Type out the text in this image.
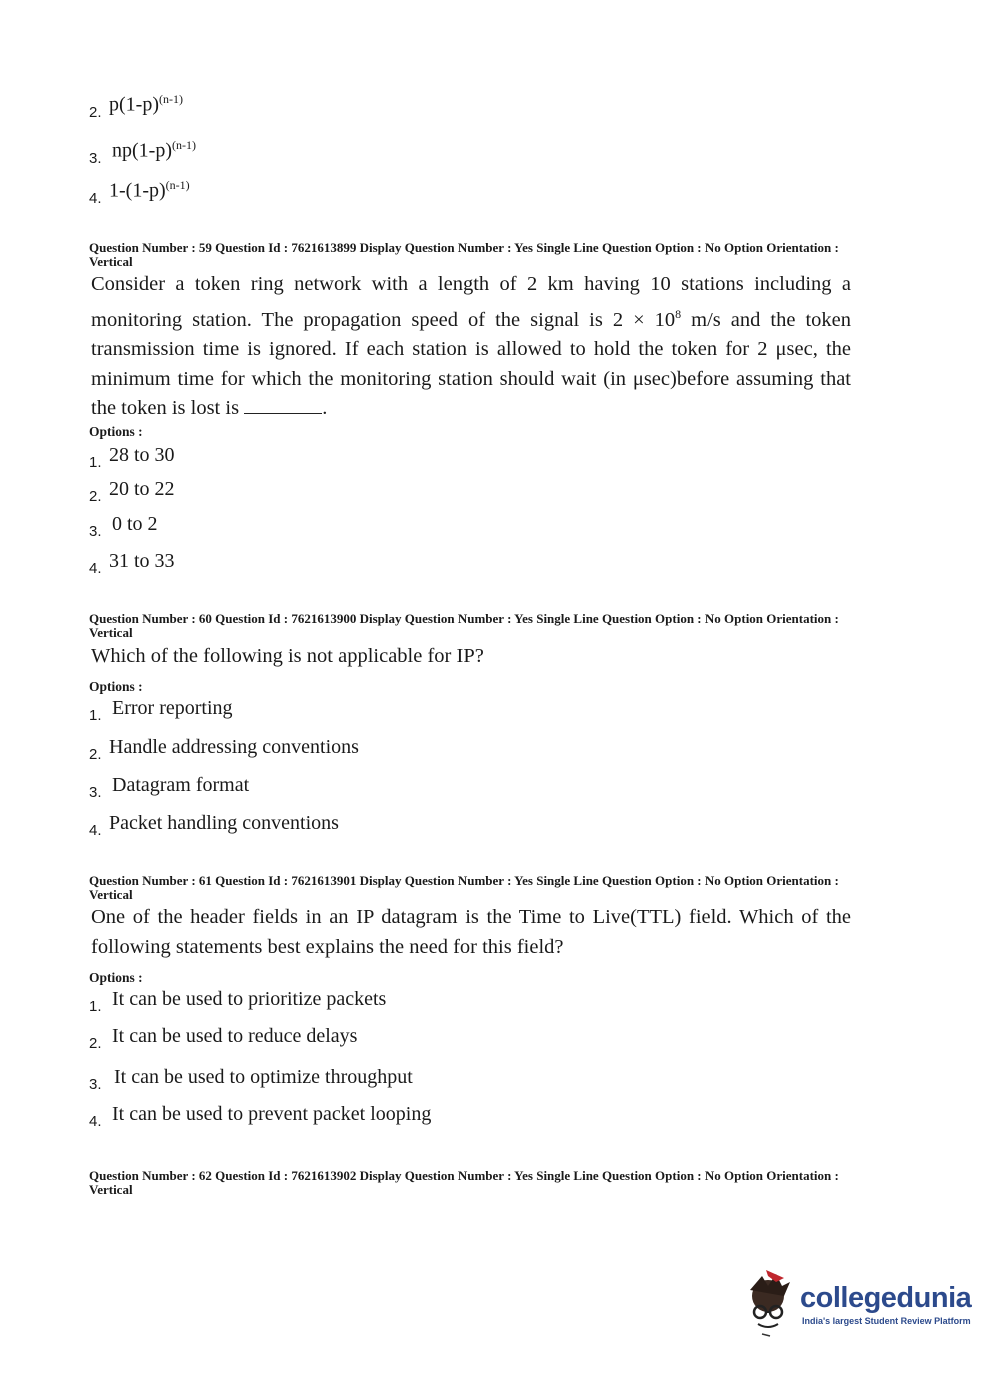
2. $p(1-p)^{(n-1)}$
3. $np(1-p)^{(n-1)}$
4. $1-(1-p)^{(n-1)}$
Question Number : 59 Question Id : 7621613899 Display Question Number : Yes Single Line Question Option : No Option Orientation : Vertical
Consider a token ring network with a length of 2 km having 10 stations including a monitoring station. The propagation speed of the signal is $2 \times 10^8$ m/s and the token transmission time is ignored. If each station is allowed to hold the token for 2 μsec, the minimum time for which the monitoring station should wait (in μsec)before assuming that the token is lost is	.
Options :
1. 28 to 30
2. 20 to 22
3. 0 to 2
4. 31 to 33
Question Number : 60 Question Id : 7621613900 Display Question Number : Yes Single Line Question Option : No Option Orientation : Vertical
Which of the following is not applicable for IP?
Options :
1. Error reporting
2. Handle addressing conventions
3. Datagram format
4. Packet handling conventions
Question Number : 61 Question Id : 7621613901 Display Question Number : Yes Single Line Question Option : No Option Orientation : Vertical
One of the header fields in an IP datagram is the Time to Live(TTL) field. Which of the following statements best explains the need for this field?
Options :
1. It can be used to prioritize packets
2. It can be used to reduce delays
3. It can be used to optimize throughput
4. It can be used to prevent packet looping
Question Number : 62 Question Id : 7621613902 Display Question Number : Yes Single Line Question Option : No Option Orientation : Vertical
collegedunia
India's largest Student Review Platform
